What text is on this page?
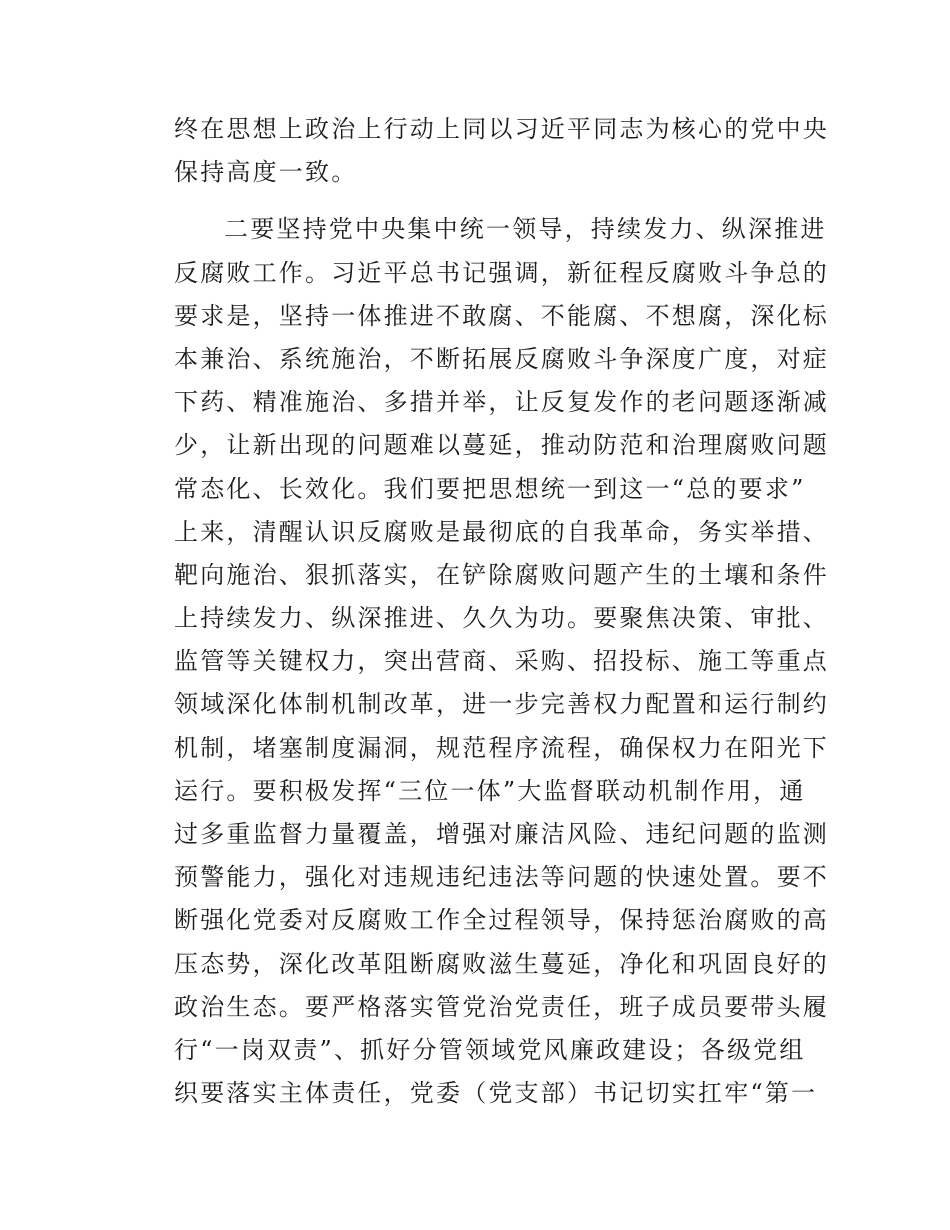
终在思想上政治上行动上同以习近平同志为核心的党中央
保持高度一致。
二要坚持党中央集中统一领导，持续发力、纵深推进
反腐败工作。习近平总书记强调，新征程反腐败斗争总的
要求是，坚持一体推进不敢腐、不能腐、不想腐，深化标
本兼治、系统施治，不断拓展反腐败斗争深度广度，对症
下药、精准施治、多措并举，让反复发作的老问题逐渐减
少，让新出现的问题难以蔓延，推动防范和治理腐败问题
常态化、长效化。我们要把思想统一到这一“总的要求”
上来，清醒认识反腐败是最彻底的自我革命，务实举措、
靶向施治、狠抓落实，在铲除腐败问题产生的土壤和条件
上持续发力、纵深推进、久久为功。要聚焦决策、审批、
监管等关键权力，突出营商、采购、招投标、施工等重点
领域深化体制机制改革，进一步完善权力配置和运行制约
机制，堵塞制度漏洞，规范程序流程，确保权力在阳光下
运行。要积极发挥“三位一体”大监督联动机制作用，通
过多重监督力量覆盖，增强对廉洁风险、违纪问题的监测
预警能力，强化对违规违纪违法等问题的快速处置。要不
断强化党委对反腐败工作全过程领导，保持惩治腐败的高
压态势，深化改革阻断腐败滋生蔓延，净化和巩固良好的
政治生态。要严格落实管党治党责任，班子成员要带头履
行“一岗双责”、抓好分管领域党风廉政建设；各级党组
织要落实主体责任，党委（党支部）书记切实扛牢“第一
